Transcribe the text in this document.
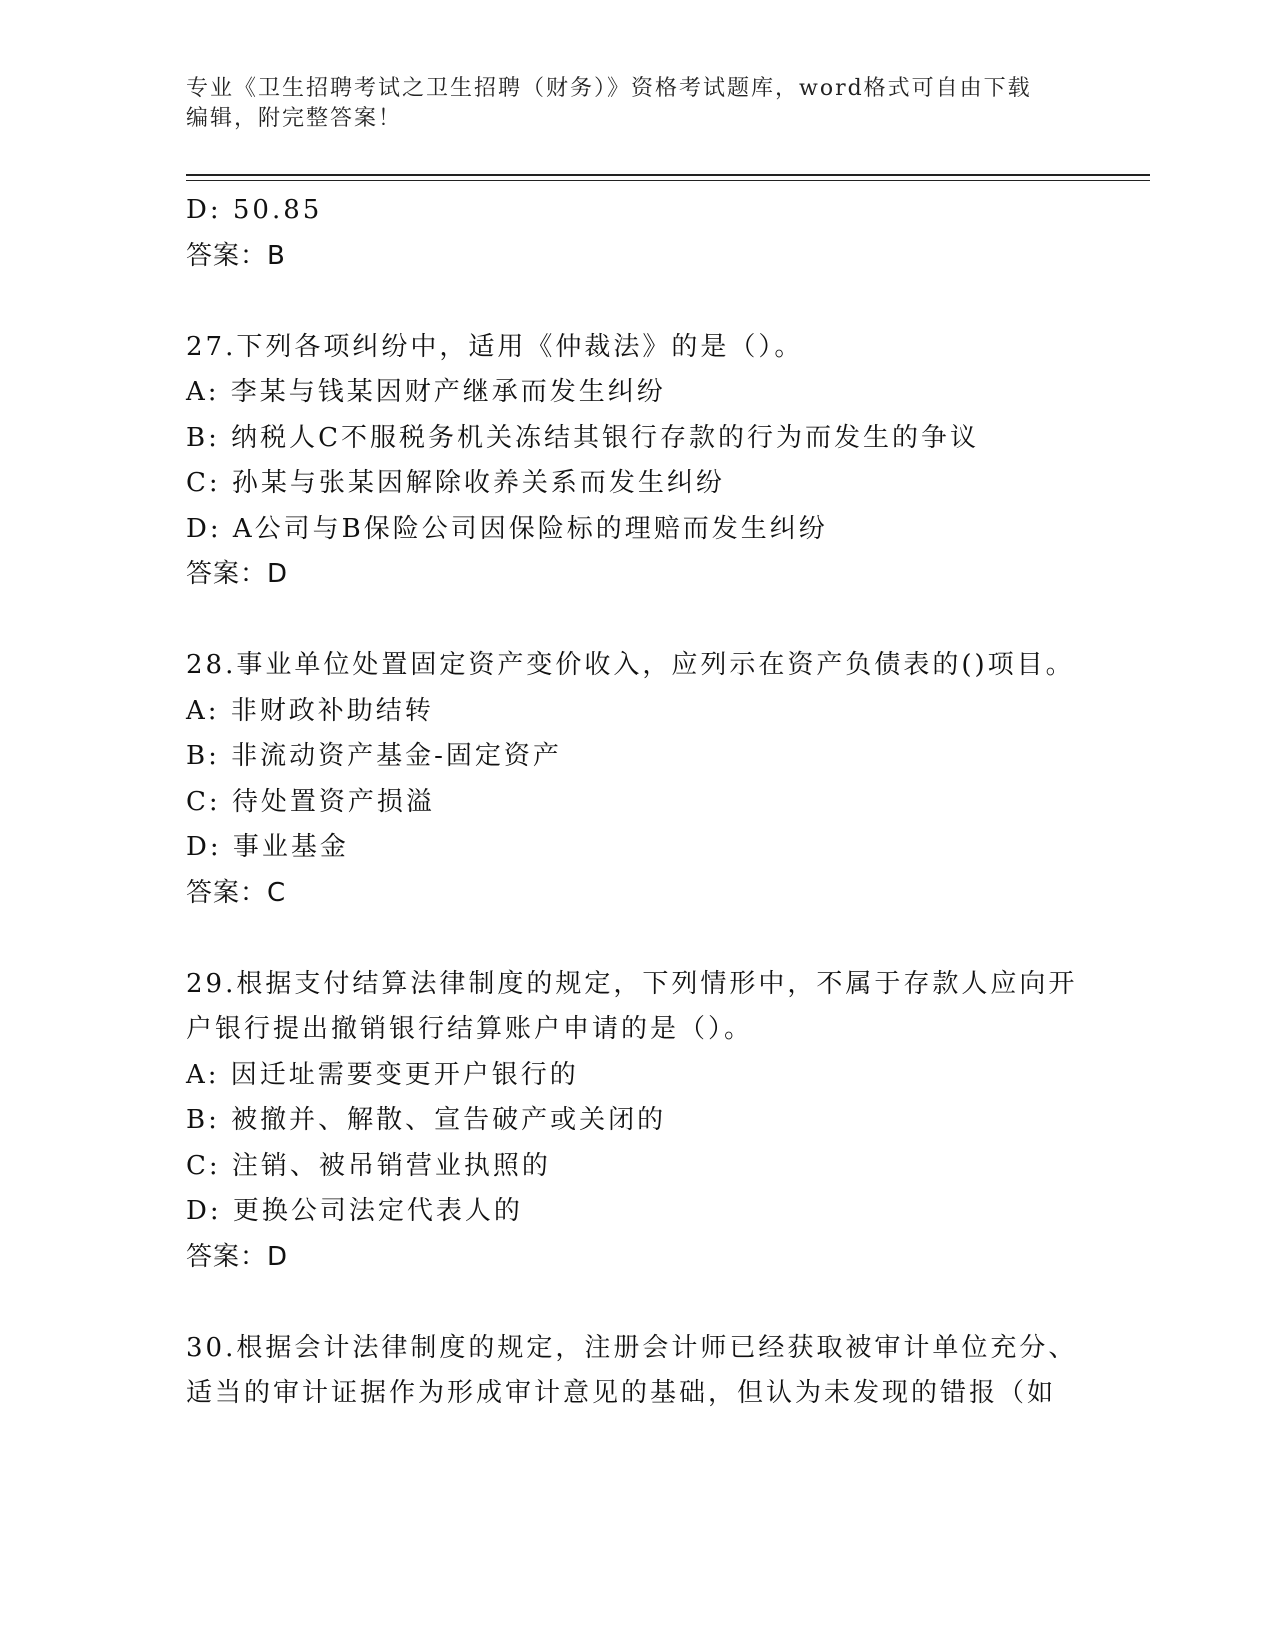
专业《卫生招聘考试之卫生招聘（财务）》资格考试题库，word格式可自由下载
编辑，附完整答案！
D: 50.85
答案：B
27.下列各项纠纷中，适用《仲裁法》的是（）。
A: 李某与钱某因财产继承而发生纠纷
B: 纳税人C不服税务机关冻结其银行存款的行为而发生的争议
C: 孙某与张某因解除收养关系而发生纠纷
D: A公司与B保险公司因保险标的理赔而发生纠纷
答案：D
28.事业单位处置固定资产变价收入，应列示在资产负债表的()项目。
A: 非财政补助结转
B: 非流动资产基金-固定资产
C: 待处置资产损溢
D: 事业基金
答案：C
29.根据支付结算法律制度的规定，下列情形中，不属于存款人应向开
户银行提出撤销银行结算账户申请的是（）。
A: 因迁址需要变更开户银行的
B: 被撤并、解散、宣告破产或关闭的
C: 注销、被吊销营业执照的
D: 更换公司法定代表人的
答案：D
30.根据会计法律制度的规定，注册会计师已经获取被审计单位充分、
适当的审计证据作为形成审计意见的基础，但认为未发现的错报（如
